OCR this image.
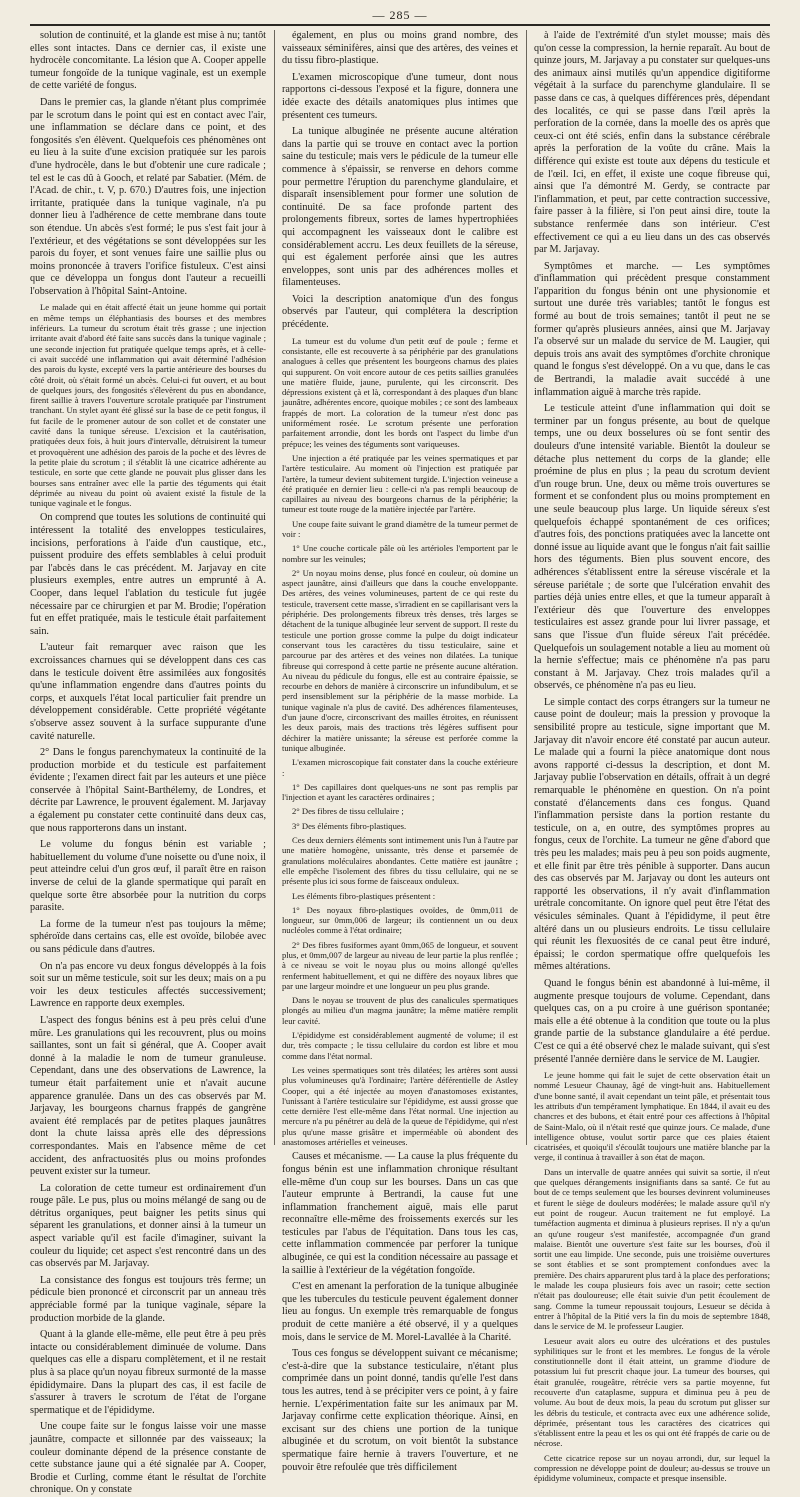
— 285 —

solution de continuité, et la glande est mise à nu; tantôt elles sont intactes. Dans ce dernier cas, il existe une hydrocèle concomitante. La lésion que A. Cooper appelle tumeur fongoïde de la tunique vaginale, est un exemple de cette variété de fongus.

Dans le premier cas, la glande n'étant plus comprimée par le scrotum dans le point qui est en contact avec l'air, une inflammation se déclare dans ce point, et des fongosités s'en élèvent. Quelquefois ces phénomènes ont eu lieu à la suite d'une excision pratiquée sur les parois d'une hydrocèle, dans le but d'obtenir une cure radicale ; tel est le cas dû à Gooch, et relaté par Sabatier. (Mém. de l'Acad. de chir., t. V, p. 670.) D'autres fois, une injection irritante, pratiquée dans la tunique vaginale, n'a pu donner lieu à l'adhérence de cette membrane dans toute son étendue. Un abcès s'est formé; le pus s'est fait jour à l'extérieur, et des végétations se sont développées sur les parois du foyer, et sont venues faire une saillie plus ou moins prononcée à travers l'orifice fistuleux. C'est ainsi que ce développa un fongus dont l'auteur a recueilli l'observation à l'hôpital Saint-Antoine.

Le malade qui en était affecté était un jeune homme qui portait en même temps un éléphantiasis des bourses et des membres inférieurs. La tumeur du scrotum était très grasse ; une injection irritante avait d'abord été faite sans succès dans la tunique vaginale ; une seconde injection fut pratiquée quelque temps après, et à celle-ci avait succédé une inflammation qui avait déterminé l'adhésion des parois du kyste, excepté vers la partie antérieure des bourses du côté droit, où s'était formé un abcès. Celui-ci fut ouvert, et au bout de quelques jours, des fongosités s'élevèrent du pus en abondance, firent saillie à travers l'ouverture scrotale pratiquée par l'instrument tranchant. Un stylet ayant été glissé sur la base de ce petit fongus, il fut facile de le promener autour de son collet et de constater une cavité dans la tunique séreuse. L'excision et la cautérisation, pratiquées deux fois, à huit jours d'intervalle, détruisirent la tumeur et provoquèrent une adhésion des parois de la poche et des lèvres de la petite plaie du scrotum ; il s'établit là une cicatrice adhérente au testicule, en sorte que cette glande ne pouvait plus glisser dans les bourses sans entraîner avec elle la partie des téguments qui était déprimée au niveau du point où avaient existé la fistule de la tunique vaginale et le fongus.

On comprend que toutes les solutions de continuité qui intéressent la totalité des enveloppes testiculaires, incisions, perforations à l'aide d'un caustique, etc., puissent produire des effets semblables à celui produit par l'abcès dans le cas précédent. M. Jarjavay en cite plusieurs exemples, entre autres un emprunté à A. Cooper, dans lequel l'ablation du testicule fut jugée nécessaire par ce chirurgien et par M. Brodie; l'opération fut en effet pratiquée, mais le testicule était parfaitement sain.

L'auteur fait remarquer avec raison que les excroissances charnues qui se développent dans ces cas dans le testicule doivent être assimilées aux fongosités qu'une inflammation engendre dans d'autres points du corps, et auxquels l'état local particulier fait prendre un développement considérable. Cette propriété végétante s'observe assez souvent à la surface suppurante d'une cavité naturelle.

2° Dans le fongus parenchymateux la continuité de la production morbide et du testicule est parfaitement évidente ; l'examen direct fait par les auteurs et une pièce conservée à l'hôpital Saint-Barthélemy, de Londres, et décrite par Lawrence, le prouvent également. M. Jarjavay a également pu constater cette continuité dans deux cas, que nous rapporterons dans un instant.

Le volume du fongus bénin est variable ; habituellement du volume d'une noisette ou d'une noix, il peut atteindre celui d'un gros œuf, il paraît être en raison inverse de celui de la glande spermatique qui paraît en quelque sorte être absorbée pour la nutrition du corps parasite.

La forme de la tumeur n'est pas toujours la même; sphéroïde dans certains cas, elle est ovoïde, bilobée avec ou sans pédicule dans d'autres.

On n'a pas encore vu deux fongus développés à la fois soit sur un même testicule, soit sur les deux; mais on a pu voir les deux testicules affectés successivement; Lawrence en rapporte deux exemples.

L'aspect des fongus bénins est à peu près celui d'une mûre. Les granulations qui les recouvrent, plus ou moins saillantes, sont un fait si général, que A. Cooper avait donné à la maladie le nom de tumeur granuleuse. Cependant, dans une des observations de Lawrence, la tumeur était parfaitement unie et n'avait aucune apparence granulée. Dans un des cas observés par M. Jarjavay, les bourgeons charnus frappés de gangrène avaient été remplacés par de petites plaques jaunâtres dont la chute laissa après elle des dépressions correspondantes. Mais en l'absence même de cet accident, des anfractuosités plus ou moins profondes peuvent exister sur la tumeur.

La coloration de cette tumeur est ordinairement d'un rouge pâle. Le pus, plus ou moins mélangé de sang ou de détritus organiques, peut baigner les petits sinus qui séparent les granulations, et donner ainsi à la tumeur un aspect variable qu'il est facile d'imaginer, suivant la couleur du liquide; cet aspect s'est rencontré dans un des cas observés par M. Jarjavay.

La consistance des fongus est toujours très ferme; un pédicule bien prononcé et circonscrit par un anneau très appréciable formé par la tunique vaginale, sépare la production morbide de la glande.

Quant à la glande elle-même, elle peut être à peu près intacte ou considérablement diminuée de volume. Dans quelques cas elle a disparu complètement, et il ne restait plus à sa place qu'un noyau fibreux surmonté de la masse épididymaire. Dans la plupart des cas, il est facile de s'assurer à travers le scrotum de l'état de l'organe spermatique et de l'épididyme.

Une coupe faite sur le fongus laisse voir une masse jaunâtre, compacte et sillonnée par des vaisseaux; la couleur dominante dépend de la présence constante de cette substance jaune qui a été signalée par A. Cooper, Brodie et Curling, comme étant le résultat de l'orchite chronique. On y constate

également, en plus ou moins grand nombre, des vaisseaux séminifères, ainsi que des artères, des veines et du tissu fibro-plastique.

L'examen microscopique d'une tumeur, dont nous rapportons ci-dessous l'exposé et la figure, donnera une idée exacte des détails anatomiques plus intimes que présentent ces tumeurs.

La tunique albuginée ne présente aucune altération dans la partie qui se trouve en contact avec la portion saine du testicule; mais vers le pédicule de la tumeur elle commence à s'épaissir, se renverse en dehors comme pour permettre l'éruption du parenchyme glandulaire, et disparaît insensiblement pour former une solution de continuité. De sa face profonde partent des prolongements fibreux, sortes de lames hypertrophiées qui accompagnent les vaisseaux dont le calibre est considérablement accru. Les deux feuillets de la séreuse, qui est également perforée ainsi que les autres enveloppes, sont unis par des adhérences molles et filamenteuses.

Voici la description anatomique d'un des fongus observés par l'auteur, qui complétera la description précédente.

La tumeur est du volume d'un petit œuf de poule ; ferme et consistante, elle est recouverte à sa périphérie par des granulations analogues à celles que présentent les bourgeons charnus des plaies qui suppurent. On voit encore autour de ces petits saillies granulées une matière fluide, jaune, purulente, qui les circonscrit. Des dépressions existent çà et là, correspondant à des plaques d'un blanc jaunâtre, adhérentes encore, quoique mobiles ; ce sont des lambeaux frappés de mort. La coloration de la tumeur n'est donc pas uniformément rosée. Le scrotum présente une perforation parfaitement arrondie, dont les bords ont l'aspect du limbe d'un prépuce; les veines des téguments sont variqueuses.

Une injection a été pratiquée par les veines spermatiques et par l'artère testiculaire. Au moment où l'injection est pratiquée par l'artère, la tumeur devient subitement turgide. L'injection veineuse a été pratiquée en dernier lieu : celle-ci n'a pas rempli beaucoup de capillaires au niveau des bourgeons charnus de la périphérie; la tumeur est toute rouge de la matière injectée par l'artère.

Une coupe faite suivant le grand diamètre de la tumeur permet de voir :

1° Une couche corticale pâle où les artérioles l'emportent par le nombre sur les veinules;

2° Un noyau moins dense, plus foncé en couleur, où domine un aspect jaunâtre, ainsi d'ailleurs que dans la couche enveloppante. Des artères, des veines volumineuses, partent de ce qui reste du testicule, traversent cette masse, s'irradient en se capillarisant vers la périphérie. Des prolongements fibreux très denses, très larges se détachent de la tunique albuginée leur servent de support. Il reste du testicule une portion grosse comme la pulpe du doigt indicateur conservant tous les caractères du tissu testiculaire, saine et parcourue par des artères et des veines non dilatées. La tunique fibreuse qui correspond à cette partie ne présente aucune altération. Au niveau du pédicule du fongus, elle est au contraire épaissie, se recourbe en dehors de manière à circonscrire un infundibulum, et se perd insensiblement sur la périphérie de la masse morbide. La tunique vaginale n'a plus de cavité. Des adhérences filamenteuses, d'un jaune d'ocre, circonscrivant des mailles étroites, en réunissent les deux parois, mais des tractions très légères suffisent pour déchirer la matière unissante; la séreuse est perforée comme la tunique albuginée.

L'examen microscopique fait constater dans la couche extérieure :

1° Des capillaires dont quelques-uns ne sont pas remplis par l'injection et ayant les caractères ordinaires ;

2° Des fibres de tissu cellulaire ;

3° Des éléments fibro-plastiques.

Ces deux derniers éléments sont intimement unis l'un à l'autre par une matière homogène, unissante, très dense et parsemée de granulations moléculaires abondantes. Cette matière est jaunâtre ; elle empêche l'isolement des fibres du tissu cellulaire, qui ne se présente plus ici sous forme de faisceaux onduleux.

Les éléments fibro-plastiques présentent :

1° Des noyaux fibro-plastiques ovoïdes, de 0mm,011 de longueur, sur 0mm,006 de largeur; ils contiennent un ou deux nucléoles comme à l'état ordinaire;

2° Des fibres fusiformes ayant 0mm,065 de longueur, et souvent plus, et 0mm,007 de largeur au niveau de leur partie la plus renflée ; à ce niveau se voit le noyau plus ou moins allongé qu'elles renferment habituellement, et qui ne diffère des noyaux libres que par une largeur moindre et une longueur un peu plus grande.

Dans le noyau se trouvent de plus des canalicules spermatiques plongés au milieu d'un magma jaunâtre; la même matière remplit leur cavité.

L'épididyme est considérablement augmenté de volume; il est dur, très compacte ; le tissu cellulaire du cordon est libre et mou comme dans l'état normal.

Les veines spermatiques sont très dilatées; les artères sont aussi plus volumineuses qu'à l'ordinaire; l'artère déférentielle de Astley Cooper, qui a été injectée au moyen d'anastomoses existantes, l'unissant à l'artère testiculaire sur l'épididyme, est aussi grosse que cette dernière l'est elle-même dans l'état normal. Une injection au mercure n'a pu pénétrer au delà de la queue de l'épididyme, qui n'est plus qu'une masse grisâtre et imperméable où abondent des anastomoses artérielles et veineuses.

Causes et mécanisme. — La cause la plus fréquente du fongus bénin est une inflammation chronique résultant elle-même d'un coup sur les bourses. Dans un cas que l'auteur emprunte à Bertrandi, la cause fut une inflammation franchement aiguë, mais elle parut reconnaître elle-même des froissements exercés sur les testicules par l'abus de l'équitation. Dans tous les cas, cette inflammation commencée par perforer la tunique albuginée, ce qui est la condition nécessaire au passage et la saillie à l'extérieur de la végétation fongoïde.

C'est en amenant la perforation de la tunique albuginée que les tubercules du testicule peuvent également donner lieu au fongus. Un exemple très remarquable de fongus produit de cette manière a été observé, il y a quelques mois, dans le service de M. Morel-Lavallée à la Charité.

Tous ces fongus se développent suivant ce mécanisme; c'est-à-dire que la substance testiculaire, n'étant plus comprimée dans un point donné, tandis qu'elle l'est dans tous les autres, tend à se précipiter vers ce point, à y faire hernie. L'expérimentation faite sur les animaux par M. Jarjavay confirme cette explication théorique. Ainsi, en excisant sur des chiens une portion de la tunique albuginée et du scrotum, on voit bientôt la substance spermatique faire hernie à travers l'ouverture, et ne pouvoir être refoulée que très difficilement

à l'aide de l'extrémité d'un stylet mousse; mais dès qu'on cesse la compression, la hernie reparaît. Au bout de quinze jours, M. Jarjavay a pu constater sur quelques-uns des animaux ainsi mutilés qu'un appendice digitiforme végétait à la surface du parenchyme glandulaire. Il se passe dans ce cas, à quelques différences près, dépendant des localités, ce qui se passe dans l'œil après la perforation de la cornée, dans la moelle des os après que ceux-ci ont été sciés, enfin dans la substance cérébrale après la perforation de la voûte du crâne. Mais la différence qui existe est toute aux dépens du testicule et de l'œil. Ici, en effet, il existe une coque fibreuse qui, ainsi que l'a démontré M. Gerdy, se contracte par l'inflammation, et peut, par cette contraction successive, faire passer à la filière, si l'on peut ainsi dire, toute la substance renfermée dans son intérieur. C'est effectivement ce qui a eu lieu dans un des cas observés par M. Jarjavay.

Symptômes et marche. — Les symptômes d'inflammation qui précèdent presque constamment l'apparition du fongus bénin ont une physionomie et surtout une durée très variables; tantôt le fongus est formé au bout de trois semaines; tantôt il peut ne se former qu'après plusieurs années, ainsi que M. Jarjavay l'a observé sur un malade du service de M. Laugier, qui depuis trois ans avait des symptômes d'orchite chronique quand le fongus s'est développé. On a vu que, dans le cas de Bertrandi, la maladie avait succédé à une inflammation aiguë à marche très rapide.

Le testicule atteint d'une inflammation qui doit se terminer par un fongus présente, au bout de quelque temps, une ou deux bosselures où se font sentir des douleurs d'une intensité variable. Bientôt la douleur se détache plus nettement du corps de la glande; elle proémine de plus en plus ; la peau du scrotum devient d'un rouge brun. Une, deux ou même trois ouvertures se forment et se confondent plus ou moins promptement en une seule beaucoup plus large. Un liquide séreux s'est quelquefois échappé spontanément de ces orifices; d'autres fois, des ponctions pratiquées avec la lancette ont donné issue au liquide avant que le fongus n'ait fait saillie hors des téguments. Bien plus souvent encore, des adhérences s'établissent entre la séreuse viscérale et la séreuse pariétale ; de sorte que l'ulcération envahit des parties déjà unies entre elles, et que la tumeur apparaît à l'extérieur dès que l'ouverture des enveloppes testiculaires est assez grande pour lui livrer passage, et sans que l'issue d'un fluide séreux l'ait précédée. Quelquefois un soulagement notable a lieu au moment où la hernie s'effectue; mais ce phénomène n'a pas paru constant à M. Jarjavay. Chez trois malades qu'il a observés, ce phénomène n'a pas eu lieu.

Le simple contact des corps étrangers sur la tumeur ne cause point de douleur; mais la pression y provoque la sensibilité propre au testicule, signe important que M. Jarjavay dit n'avoir encore été constaté par aucun auteur. Le malade qui a fourni la pièce anatomique dont nous avons rapporté ci-dessus la description, et dont M. Jarjavay publie l'observation en détails, offrait à un degré remarquable le phénomène en question. On n'a point constaté d'élancements dans ces fongus. Quand l'inflammation persiste dans la portion restante du testicule, on a, en outre, des symptômes propres au fongus, ceux de l'orchite. La tumeur ne gêne d'abord que très peu les malades; mais peu à peu son poids augmente, et elle finit par être très pénible à supporter. Dans aucun des cas observés par M. Jarjavay ou dont les auteurs ont rapporté les observations, il n'y avait d'inflammation urétrale concomitante. On ignore quel peut être l'état des vésicules séminales. Quant à l'épididyme, il peut être altéré dans un ou plusieurs endroits. Le tissu cellulaire qui réunit les flexuosités de ce canal peut être induré, épaissi; le cordon spermatique offre quelquefois les mêmes altérations.

Quand le fongus bénin est abandonné à lui-même, il augmente presque toujours de volume. Cependant, dans quelques cas, on a pu croire à une guérison spontanée; mais elle a été obtenue à la condition que toute ou la plus grande partie de la substance glandulaire a été perdue. C'est ce qui a été observé chez le malade suivant, qui s'est présenté l'année dernière dans le service de M. Laugier.

Le jeune homme qui fait le sujet de cette observation était un nommé Lesueur Chaunay, âgé de vingt-huit ans. Habituellement d'une bonne santé, il avait cependant un teint pâle, et présentait tous les attributs d'un tempérament lymphatique. En 1844, il avait eu des chancres et des bubons, et était entré pour ces affections à l'hôpital de Saint-Malo, où il n'était resté que quinze jours. Ce malade, d'une intelligence obtuse, voulut sortir parce que ces plaies étaient cicatrisées, et quoiqu'il s'écoulât toujours une matière blanche par la verge, il continua à travailler à son état de maçon.

Dans un intervalle de quatre années qui suivit sa sortie, il n'eut que quelques dérangements insignifiants dans sa santé. Ce fut au bout de ce temps seulement que les bourses devinrent volumineuses et furent le siège de douleurs modérées; le malade assure qu'il n'y eut point de rougeur. Aucun traitement ne fut employé. La tuméfaction augmenta et diminua à plusieurs reprises. Il n'y a qu'un an qu'une rougeur s'est manifestée, accompagnée d'un grand malaise. Bientôt une ouverture s'est faite sur les bourses, d'où il sortit une eau limpide. Une seconde, puis une troisième ouvertures se sont établies et se sont promptement confondues avec la première. Des chairs apparurent plus tard à la place des perforations; le malade les coupa plusieurs fois avec un rasoir; cette section n'était pas douloureuse; elle était suivie d'un petit écoulement de sang. Comme la tumeur repoussait toujours, Lesueur se décida à entrer à l'hôpital de la Pitié vers la fin du mois de septembre 1848, dans le service de M. le professeur Laugier.

Lesueur avait alors eu outre des ulcérations et des pustules syphilitiques sur le front et les membres. Le fongus de la vérole constitutionnelle dont il était atteint, un gramme d'iodure de potassium lui fut prescrit chaque jour. La tumeur des bourses, qui était granulée, rougeâtre, rétrécie vers sa partie moyenne, fut recouverte d'un cataplasme, suppura et diminua peu à peu de volume. Au bout de deux mois, la peau du scrotum put glisser sur les débris du testicule, et contracta avec eux une adhérence solide, déprimée, présentant tous les caractères des cicatrices qui s'établissent entre la peau et les os qui ont été frappés de carie ou de nécrose.

Cette cicatrice repose sur un noyau arrondi, dur, sur lequel la compression ne développe point de douleur; au-dessus se trouve un épididyme volumineux, compacte et presque insensible.
